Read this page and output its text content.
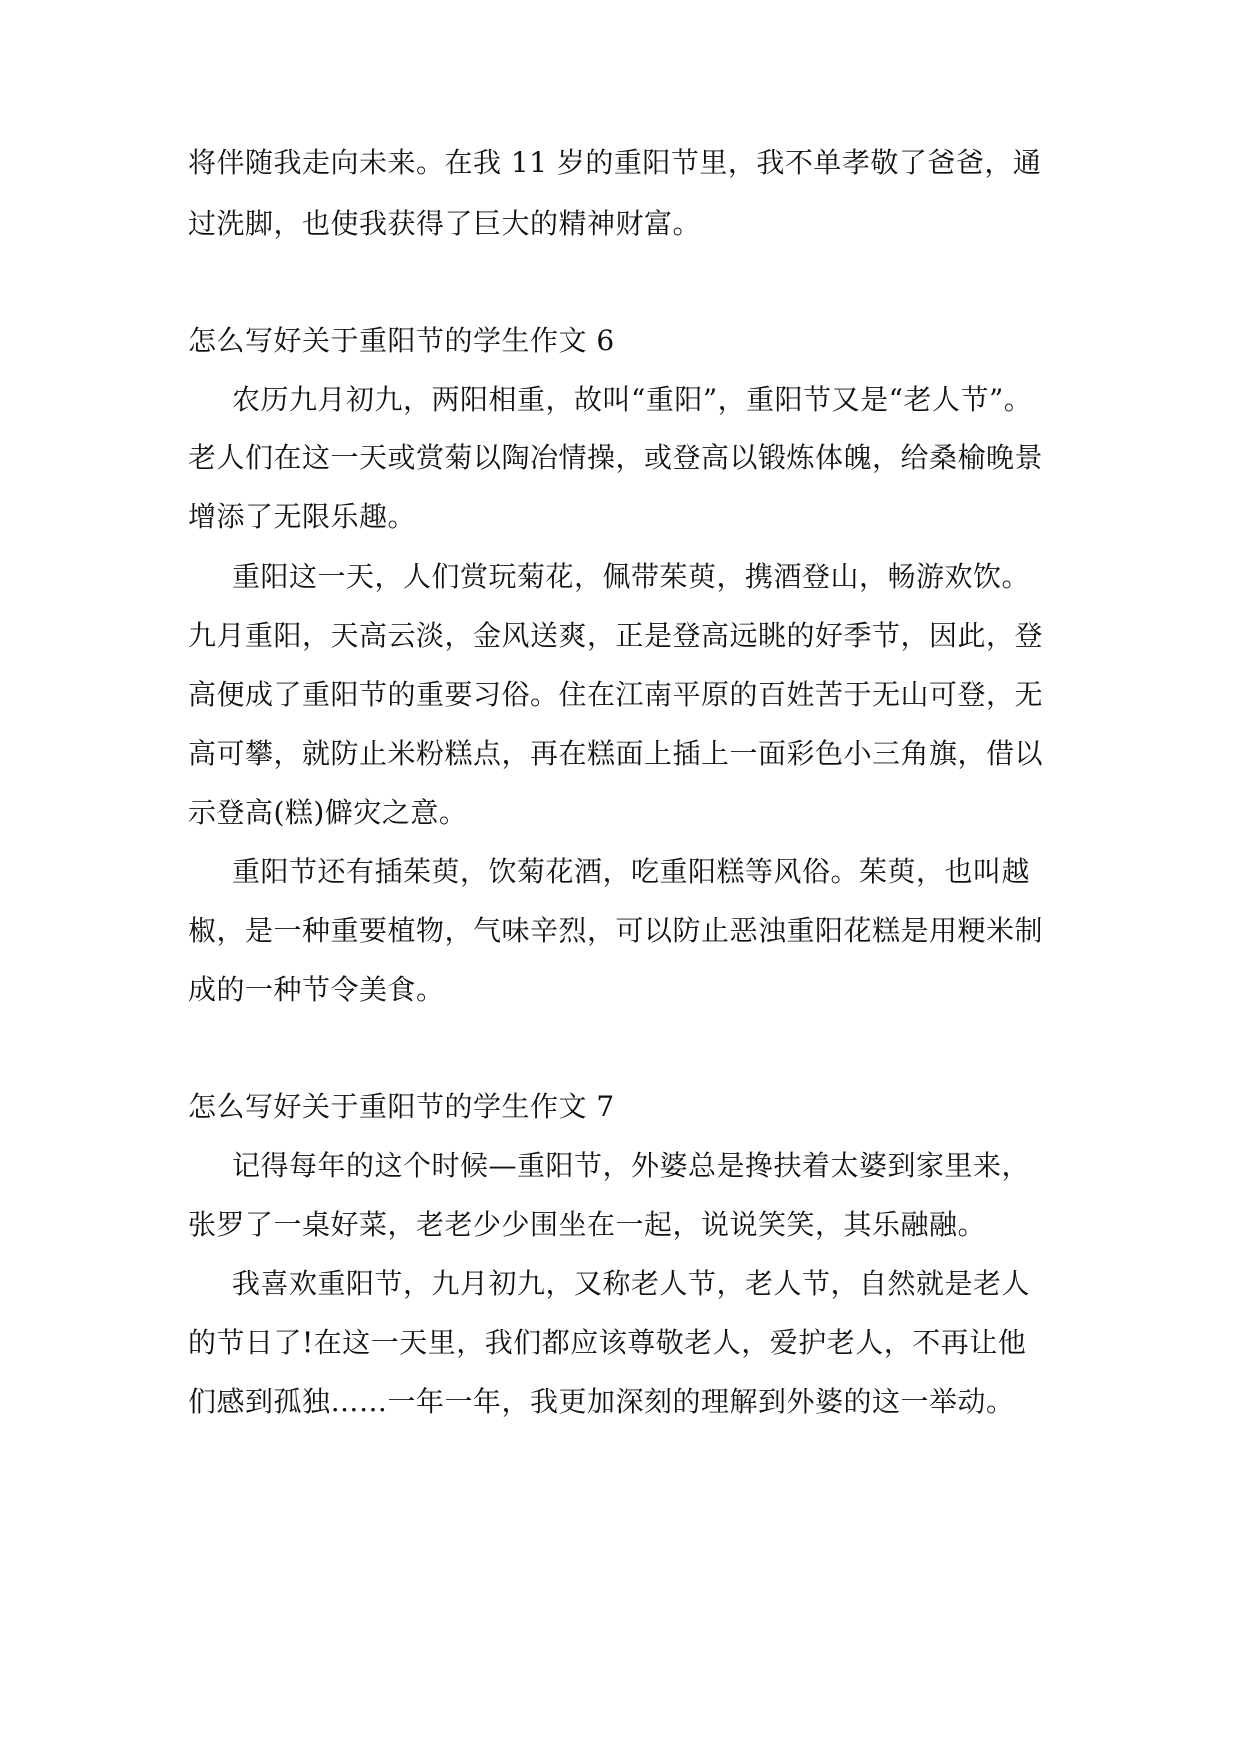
将伴随我走向未来。在我 11 岁的重阳节里，我不单孝敬了爸爸，通
过洗脚，也使我获得了巨大的精神财富。
怎么写好关于重阳节的学生作文 6
农历九月初九，两阳相重，故叫“重阳”，重阳节又是“老人节”。
老人们在这一天或赏菊以陶冶情操，或登高以锻炼体魄，给桑榆晚景
增添了无限乐趣。
重阳这一天，人们赏玩菊花，佩带茱萸，携酒登山，畅游欢饮。
九月重阳，天高云淡，金风送爽，正是登高远眺的好季节，因此，登
高便成了重阳节的重要习俗。住在江南平原的百姓苦于无山可登，无
高可攀，就防止米粉糕点，再在糕面上插上一面彩色小三角旗，借以
示登高(糕)僻灾之意。
重阳节还有插茱萸，饮菊花酒，吃重阳糕等风俗。茱萸，也叫越
椒，是一种重要植物，气味辛烈，可以防止恶浊重阳花糕是用粳米制
成的一种节令美食。
怎么写好关于重阳节的学生作文 7
记得每年的这个时候—重阳节，外婆总是搀扶着太婆到家里来，
张罗了一桌好菜，老老少少围坐在一起，说说笑笑，其乐融融。
我喜欢重阳节，九月初九，又称老人节，老人节，自然就是老人
的节日了!在这一天里，我们都应该尊敬老人，爱护老人，不再让他
们感到孤独……一年一年，我更加深刻的理解到外婆的这一举动。
